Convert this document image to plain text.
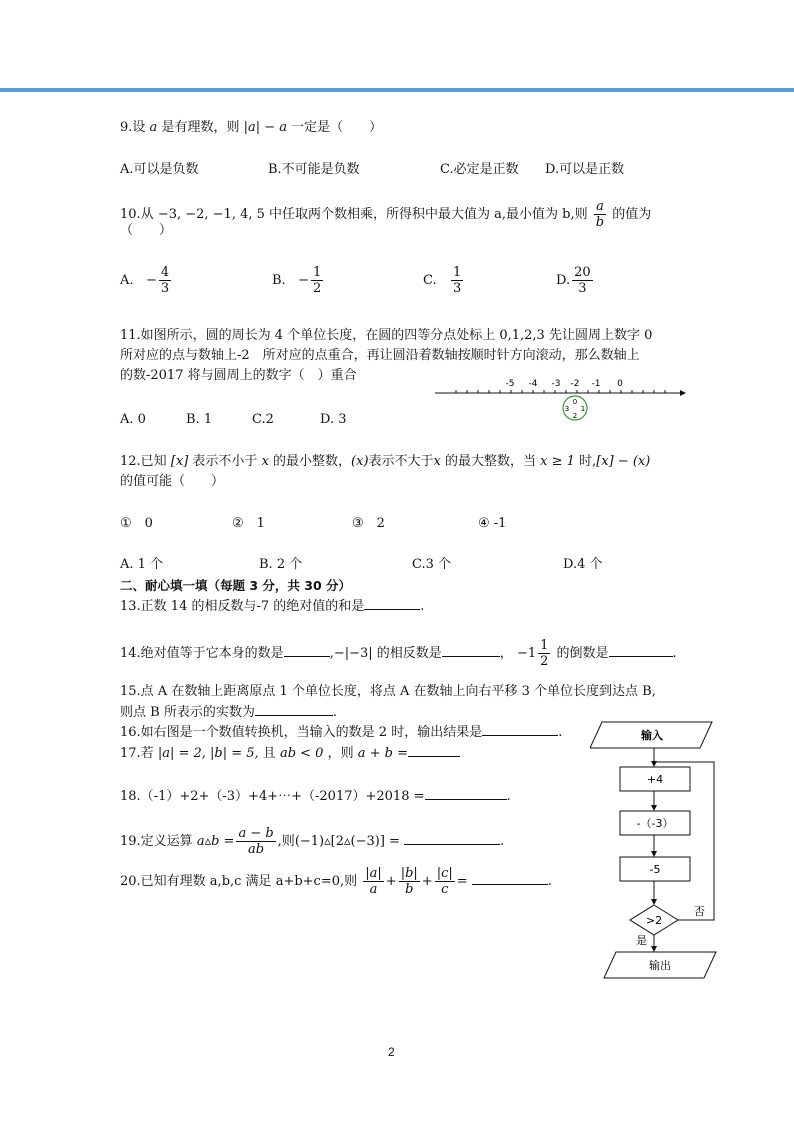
9.设 a 是有理数，则 |a| − a 一定是（　　）
A.可以是负数	B.不可能是负数	C.必定是正数 D.可以是正数
10.从 −3, −2, −1, 4, 5 中任取两个数相乘，所得积中最大值为 a,最小值为 b,则 $\frac{a}{b}$ 的值为
（　　）
A. − $\frac{4}{3}$	B. − $\frac{1}{2}$	C. $\frac{1}{3}$	D. $\frac{20}{3}$
11.如图所示，圆的周长为 4 个单位长度，在圆的四等分点处标上 0,1,2,3 先让圆周上数字 0
所对应的点与数轴上-2　所对应的点重合，再让圆沿着数轴按顺时针方向滚动，那么数轴上
的数-2017 将与圆周上的数字（　）重合
-5 -4 -3 -2 -1 0
0
1
2
3
A. 0	B. 1	C.2	D. 3
12.已知 [x] 表示不小于 x 的最小整数，(x)表示不大于x 的最大整数，当 x ≥ 1 时,[x] − (x)
的值可能（　　）
①　0	②　1	③　2	④ -1
A. 1 个	B. 2 个	C.3 个	D.4 个
二、耐心填一填（每题 3 分，共 30 分）
13.正数 14 的相反数与-7 的绝对值的和是	.
14.绝对值等于它本身的数是	,−|−3| 的相反数是	， $-1 \frac{1}{2}$ 的倒数是	.
15.点 A 在数轴上距离原点 1 个单位长度，将点 A 在数轴上向右平移 3 个单位长度到达点 B,
则点 B 所表示的实数为	.
16.如右图是一个数值转换机，当输入的数是 2 时，输出结果是	.
17.若 |a| = 2, |b| = 5, 且 ab < 0 ，则 a + b =
18.（-1）+2+（-3）+4+⋯+（-2017）+2018 =	.
19.定义运算 a▵b = $\frac{a - b}{ab}$ ,则(−1)▵[2▵(−3)] =	.
20.已知有理数 a,b,c 满足 a+b+c=0,则 $\frac{|a|}{a} + \frac{|b|}{b} + \frac{|c|}{c}$ =	.
输入
+4
-（-3）
-5
>2
否
是
输出
2
